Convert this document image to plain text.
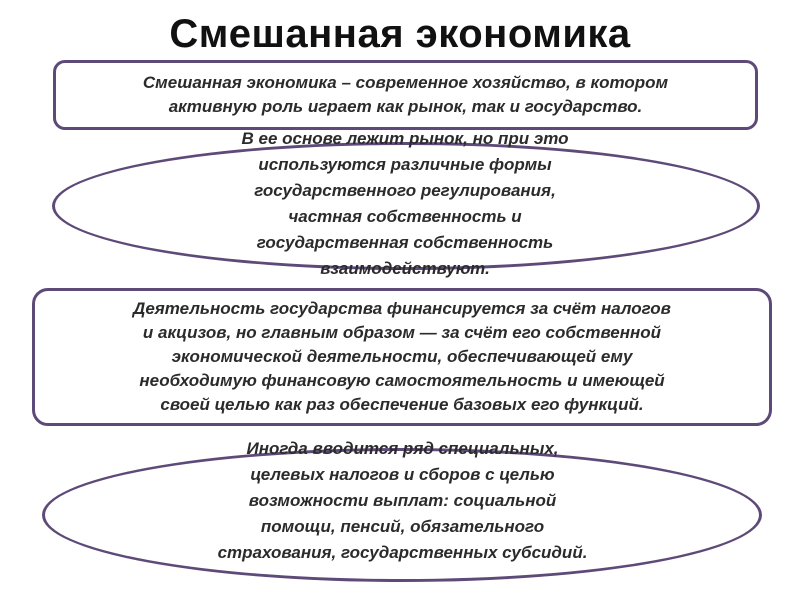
Смешанная экономика

Смешанная экономика – современное хозяйство, в котором
активную роль играет как рынок, так и государство.

В ее основе лежит рынок, но при это
используются различные формы
государственного регулирования,
частная собственность и
государственная собственность
взаимодействуют.

Деятельность государства финансируется за счёт налогов
и акцизов, но главным образом — за счёт его собственной
экономической деятельности, обеспечивающей ему
необходимую финансовую самостоятельность и имеющей
своей целью как раз обеспечение базовых его функций.

Иногда вводится ряд специальных,
целевых налогов и сборов с целью
возможности выплат: социальной
помощи, пенсий, обязательного
страхования, государственных субсидий.
